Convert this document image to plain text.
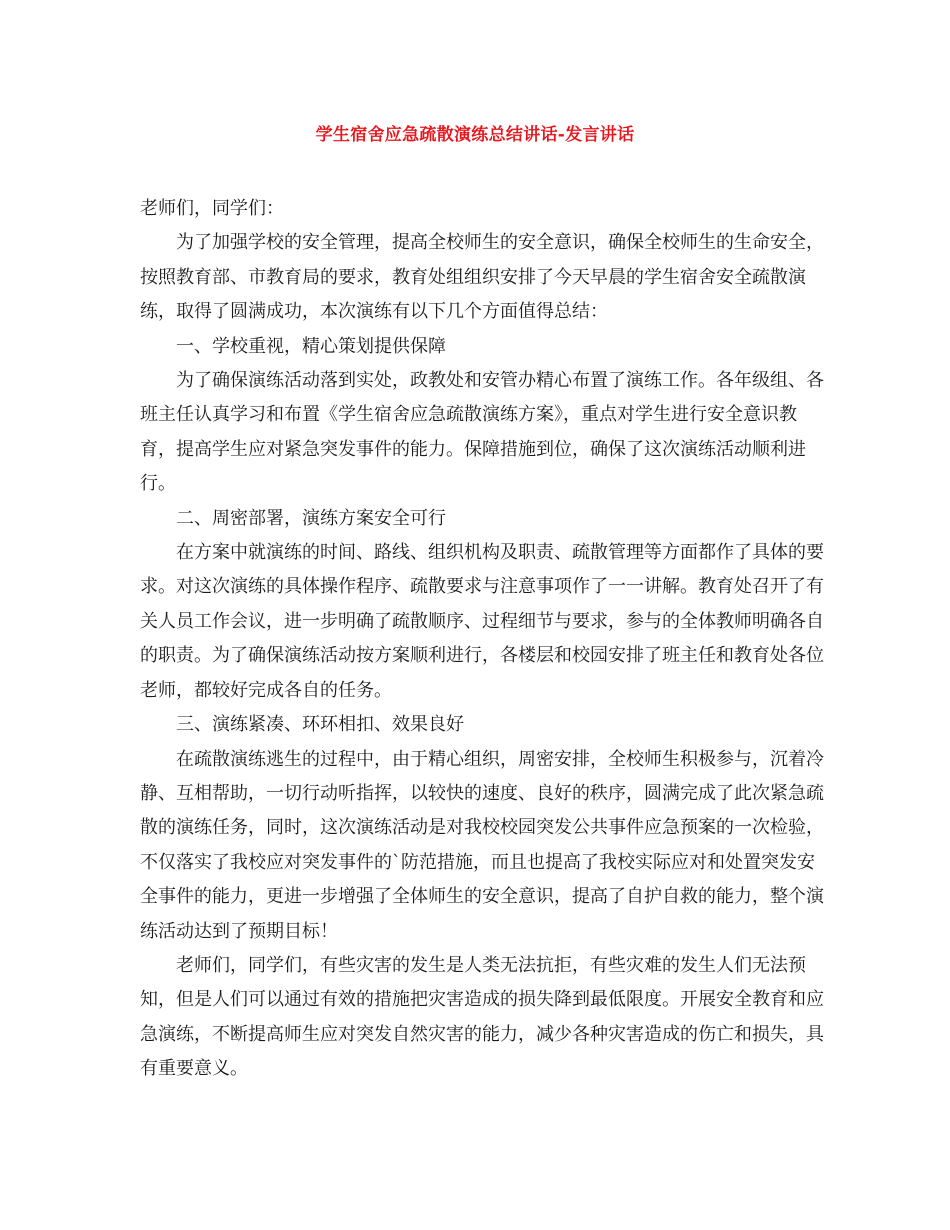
学生宿舍应急疏散演练总结讲话-发言讲话

老师们，同学们：

为了加强学校的安全管理，提高全校师生的安全意识，确保全校师生的生命安全，按照教育部、市教育局的要求，教育处组组织安排了今天早晨的学生宿舍安全疏散演练，取得了圆满成功，本次演练有以下几个方面值得总结：

一、学校重视，精心策划提供保障

为了确保演练活动落到实处，政教处和安管办精心布置了演练工作。各年级组、各班主任认真学习和布置《学生宿舍应急疏散演练方案》，重点对学生进行安全意识教育，提高学生应对紧急突发事件的能力。保障措施到位，确保了这次演练活动顺利进行。

二、周密部署，演练方案安全可行

在方案中就演练的时间、路线、组织机构及职责、疏散管理等方面都作了具体的要求。对这次演练的具体操作程序、疏散要求与注意事项作了一一讲解。教育处召开了有关人员工作会议，进一步明确了疏散顺序、过程细节与要求，参与的全体教师明确各自的职责。为了确保演练活动按方案顺利进行，各楼层和校园安排了班主任和教育处各位老师，都较好完成各自的任务。

三、演练紧凑、环环相扣、效果良好

在疏散演练逃生的过程中，由于精心组织，周密安排，全校师生积极参与，沉着冷静、互相帮助，一切行动听指挥，以较快的速度、良好的秩序，圆满完成了此次紧急疏散的演练任务，同时，这次演练活动是对我校校园突发公共事件应急预案的一次检验，不仅落实了我校应对突发事件的`防范措施，而且也提高了我校实际应对和处置突发安全事件的能力，更进一步增强了全体师生的安全意识，提高了自护自救的能力，整个演练活动达到了预期目标！

老师们，同学们，有些灾害的发生是人类无法抗拒，有些灾难的发生人们无法预知，但是人们可以通过有效的措施把灾害造成的损失降到最低限度。开展安全教育和应急演练，不断提高师生应对突发自然灾害的能力，减少各种灾害造成的伤亡和损失，具有重要意义。
